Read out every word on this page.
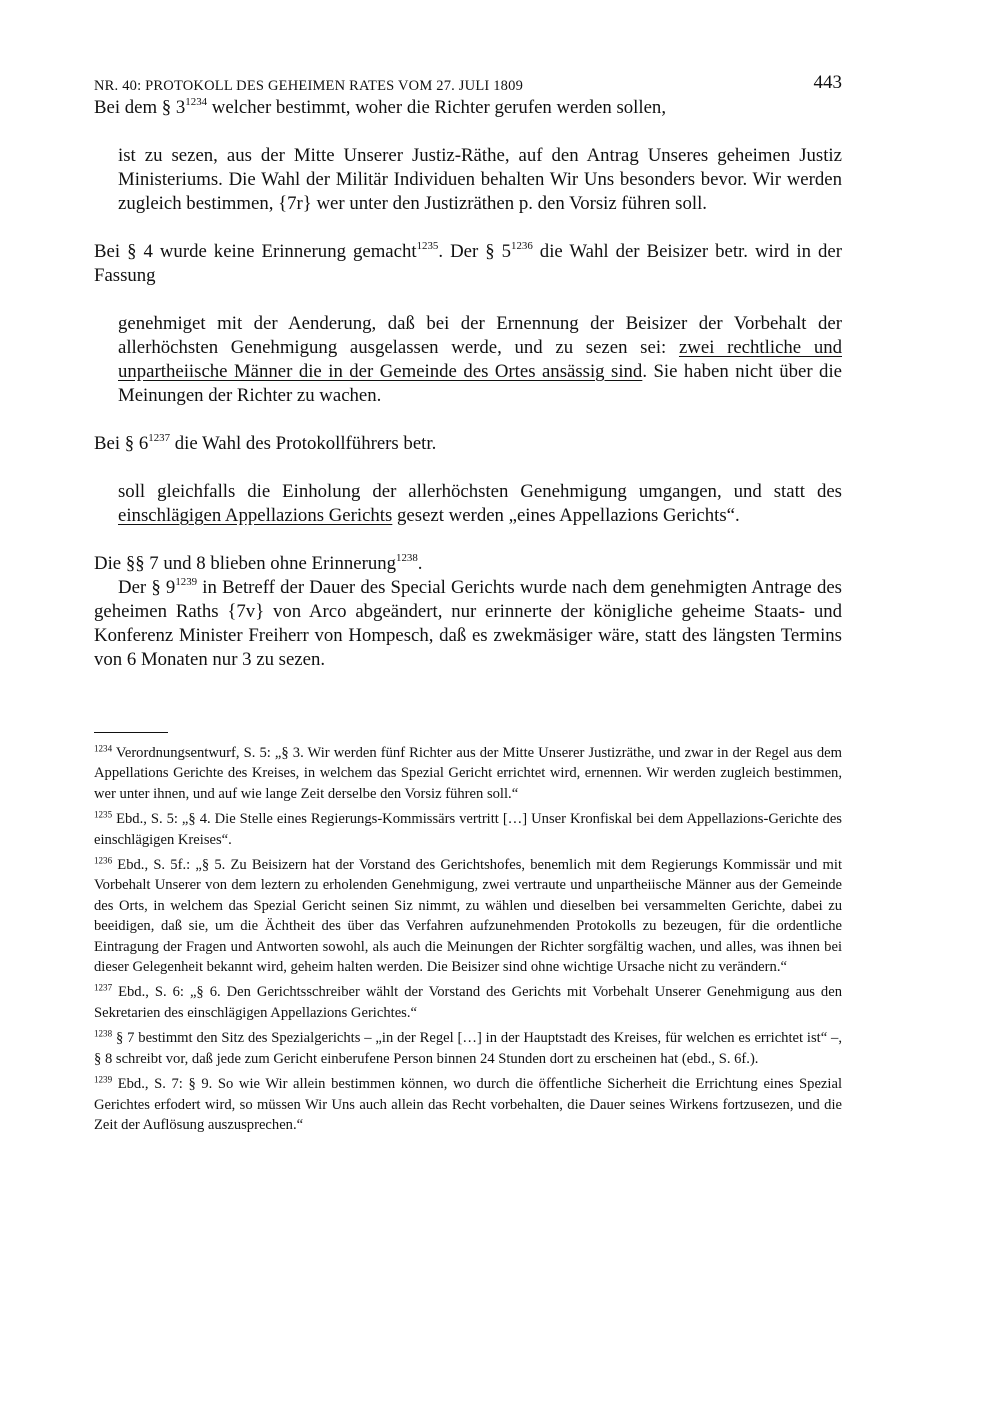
NR. 40: PROTOKOLL DES GEHEIMEN RATES VOM 27. JULI 1809	443

Bei dem § $3^{1234}$ welcher bestimmt, woher die Richter gerufen werden sollen,

ist zu sezen, aus der Mitte Unserer Justiz-Räthe, auf den Antrag Unseres geheimen Justiz Ministeriums. Die Wahl der Militär Individuen behalten Wir Uns besonders bevor. Wir werden zugleich bestimmen, {7r} wer unter den Justizräthen p. den Vorsiz führen soll.

Bei § 4 wurde keine Erinnerung gemacht$^{1235}$. Der § $5^{1236}$ die Wahl der Beisizer betr. wird in der Fassung

genehmiget mit der Aenderung, daß bei der Ernennung der Beisizer der Vorbehalt der allerhöchsten Genehmigung ausgelassen werde, und zu sezen sei: zwei rechtliche und unpartheiische Männer die in der Gemeinde des Ortes ansässig sind. Sie haben nicht über die Meinungen der Richter zu wachen.

Bei § $6^{1237}$ die Wahl des Protokollführers betr.

soll gleichfalls die Einholung der allerhöchsten Genehmigung umgangen, und statt des einschlägigen Appellazions Gerichts gesezt werden „eines Appellazions Gerichts“.

Die §§ 7 und 8 blieben ohne Erinnerung$^{1238}$.

Der § $9^{1239}$ in Betreff der Dauer des Special Gerichts wurde nach dem genehmigten Antrage des geheimen Raths {7v} von Arco abgeändert, nur erinnerte der königliche geheime Staats- und Konferenz Minister Freiherr von Hompesch, daß es zwekmäsiger wäre, statt des längsten Termins von 6 Monaten nur 3 zu sezen.

$^{1234}$ Verordnungsentwurf, S. 5: „§ 3. Wir werden fünf Richter aus der Mitte Unserer Justizräthe, und zwar in der Regel aus dem Appellations Gerichte des Kreises, in welchem das Spezial Gericht errichtet wird, ernennen. Wir werden zugleich bestimmen, wer unter ihnen, und auf wie lange Zeit derselbe den Vorsiz führen soll.“

$^{1235}$ Ebd., S. 5: „§ 4. Die Stelle eines Regierungs-Kommissärs vertritt […] Unser Kronfiskal bei dem Appellazions-Gerichte des einschlägigen Kreises“.

$^{1236}$ Ebd., S. 5f.: „§ 5. Zu Beisizern hat der Vorstand des Gerichtshofes, benemlich mit dem Regierungs Kommissär und mit Vorbehalt Unserer von dem leztern zu erholenden Genehmigung, zwei vertraute und unpartheiische Männer aus der Gemeinde des Orts, in welchem das Spezial Gericht seinen Siz nimmt, zu wählen und dieselben bei versammelten Gerichte, dabei zu beeidigen, daß sie, um die Ächtheit des über das Verfahren aufzunehmenden Protokolls zu bezeugen, für die ordentliche Eintragung der Fragen und Antworten sowohl, als auch die Meinungen der Richter sorgfältig wachen, und alles, was ihnen bei dieser Gelegenheit bekannt wird, geheim halten werden. Die Beisizer sind ohne wichtige Ursache nicht zu verändern.“

$^{1237}$ Ebd., S. 6: „§ 6. Den Gerichtsschreiber wählt der Vorstand des Gerichts mit Vorbehalt Unserer Genehmigung aus den Sekretarien des einschlägigen Appellazions Gerichtes.“

$^{1238}$ § 7 bestimmt den Sitz des Spezialgerichts – „in der Regel […] in der Hauptstadt des Kreises, für welchen es errichtet ist“ –, § 8 schreibt vor, daß jede zum Gericht einberufene Person binnen 24 Stunden dort zu erscheinen hat (ebd., S. 6f.).

$^{1239}$ Ebd., S. 7: § 9. So wie Wir allein bestimmen können, wo durch die öffentliche Sicherheit die Errichtung eines Spezial Gerichtes erfodert wird, so müssen Wir Uns auch allein das Recht vorbehalten, die Dauer seines Wirkens fortzusezen, und die Zeit der Auflösung auszusprechen.“
